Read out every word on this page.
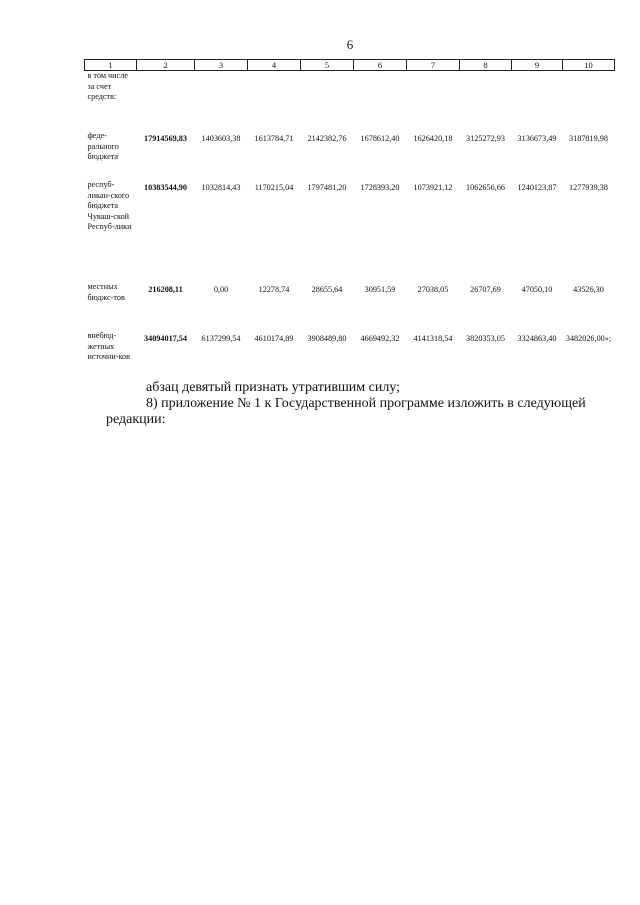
6
1	2	3	4	5	6	7	8	9	10
в том числе за счет средств:									
феде-рального бюджета	17914569,83	1403603,38	1613784,71	2142382,76	1678612,40	1626420,18	3125272,93	3136673,49	3187819,98
респуб-ликан-ского бюджета Чуваш-ской Респуб-лики	10383544,90	1032814,43	1170215,04	1797481,20	1728393,20	1073921,12	1062656,66	1240123,87	1277939,38
местных бюджс-тов	216208,11	0,00	12278,74	28655,64	30951,59	27038,05	26707,69	47050,10	43526,30
внебюд-жетных источни-ков	34094017,54	6137299,54	4610174,89	3908489,80	4669492,32	4141318,54	3820353,05	3324863,40	3482026,00»;
абзац девятый признать утратившим силу;
8) приложение № 1 к Государственной программе изложить в следующей
редакции:
